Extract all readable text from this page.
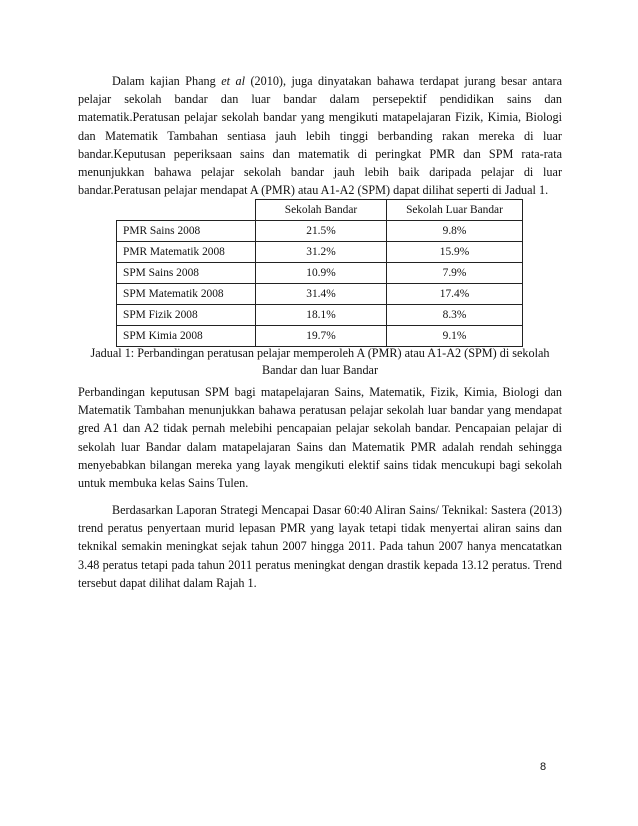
Dalam kajian Phang et al (2010), juga dinyatakan bahawa terdapat jurang besar antara pelajar sekolah bandar dan luar bandar dalam persepektif pendidikan sains dan matematik.Peratusan pelajar sekolah bandar yang mengikuti matapelajaran Fizik, Kimia, Biologi dan Matematik Tambahan sentiasa jauh lebih tinggi berbanding rakan mereka di luar bandar.Keputusan peperiksaan sains dan matematik di peringkat PMR dan SPM rata-rata menunjukkan bahawa pelajar sekolah bandar jauh lebih baik daripada pelajar di luar bandar.Peratusan pelajar mendapat A (PMR) atau A1-A2 (SPM) dapat dilihat seperti di Jadual 1.

	Sekolah Bandar	Sekolah Luar Bandar
PMR Sains 2008	21.5%	9.8%
PMR Matematik 2008	31.2%	15.9%
SPM Sains 2008	10.9%	7.9%
SPM Matematik 2008	31.4%	17.4%
SPM Fizik 2008	18.1%	8.3%
SPM Kimia 2008	19.7%	9.1%

Jadual 1: Perbandingan peratusan pelajar memperoleh A (PMR) atau A1-A2 (SPM) di sekolah Bandar dan luar Bandar

Perbandingan keputusan SPM bagi matapelajaran Sains, Matematik, Fizik, Kimia, Biologi dan Matematik Tambahan menunjukkan bahawa peratusan pelajar sekolah luar bandar yang mendapat gred A1 dan A2 tidak pernah melebihi pencapaian pelajar sekolah bandar. Pencapaian pelajar di sekolah luar Bandar dalam matapelajaran Sains dan Matematik PMR adalah rendah sehingga menyebabkan bilangan mereka yang layak mengikuti elektif sains tidak mencukupi bagi sekolah untuk membuka kelas Sains Tulen.

Berdasarkan Laporan Strategi Mencapai Dasar 60:40 Aliran Sains/ Teknikal: Sastera (2013) trend peratus penyertaan murid lepasan PMR yang layak tetapi tidak menyertai aliran sains dan teknikal semakin meningkat sejak tahun 2007 hingga 2011. Pada tahun 2007 hanya mencatatkan 3.48 peratus tetapi pada tahun 2011 peratus meningkat dengan drastik kepada 13.12 peratus. Trend tersebut dapat dilihat dalam Rajah 1.

8
